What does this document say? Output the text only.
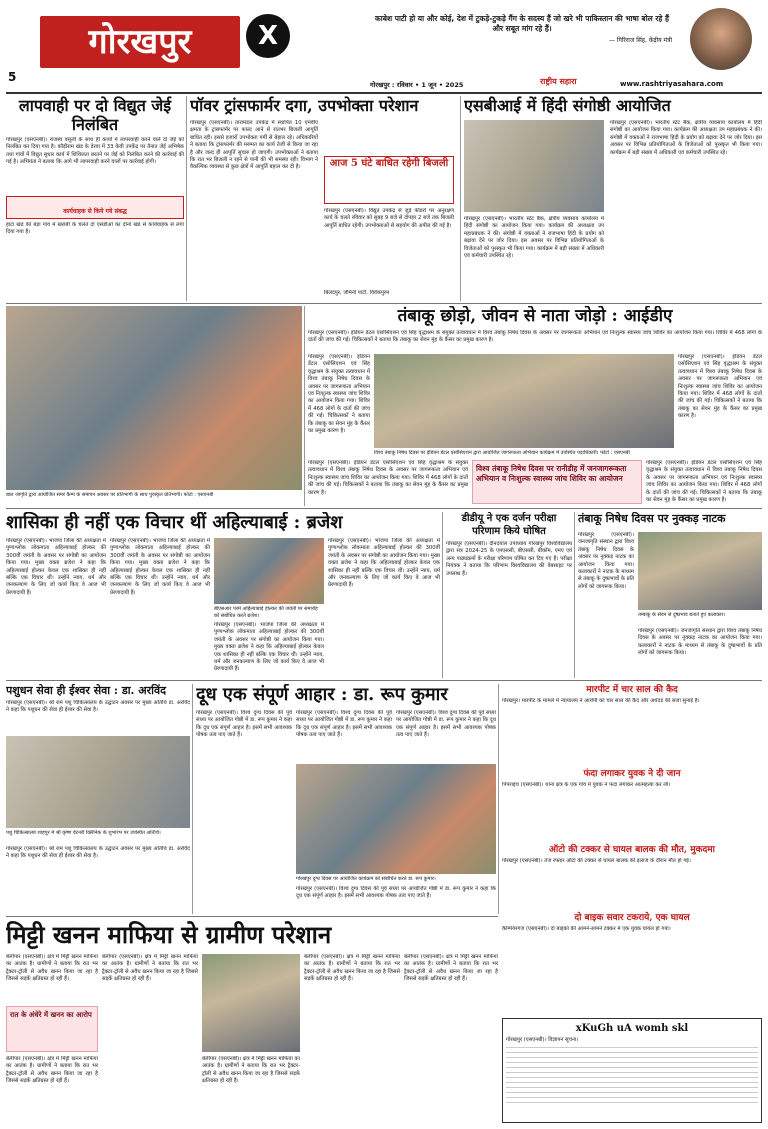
5
गोरखपुर	X
काबेश पाटी हो या और कोई, देश में टुकड़े-टुकड़े गैंग के सदस्य हैं जो खरे भी पाकिस्तान की भाषा बोल रहे हैं और सबूत मांग रहे हैं।
— गिरिराज सिंह, केंद्रीय मंत्री
गोरखपुर : रविवार • 1 जून • 2025	राष्ट्रीय सहारा	www.rashtriyasahara.com
लापवाही पर दो विद्युत जेई निलंबित
गोरखपुर (एसएनबी)। राजस्व वसूली के साथ ही कार्यों में लापरवाही करने वाले दो जेई को निलंबित कर दिया गया है। कौड़ीराम खंड के डेरवा में 33 केवी उपकेंद्र पर तैनात जेई अभिषेक तथा गांवों में विद्युत सुधार कार्य में शिथिलता बरतने पर जेई को निलंबित करने की कार्रवाई की गई है। अभियंता ने बताया कि आगे भी लापरवाही करने वालों पर कार्रवाई होगी।
कार्यवाहक से किये गये संबद्ध
हाटा खंड की बड़ा गांव में खराबी के चलते दो एसडीओ का दोनों खंड से कार्यवाहक से लगा दिया गया है।
पॉवर ट्रांसफार्मर दगा, उपभोक्ता परेशान
गोरखपुर (एसएनबी)। तारामंडल उपकेंद्र में स्थापित 10 एमवीए क्षमता के ट्रांसफार्मर पर फाल्ट आने से रातभर बिजली आपूर्ति बाधित रही। इससे हजारों उपभोक्ता गर्मी से बेहाल रहे। अधिकारियों ने बताया कि ट्रांसफार्मर की मरम्मत का कार्य तेजी से किया जा रहा है और जल्द ही आपूर्ति सुचारु हो जाएगी। उपभोक्ताओं ने बताया कि रात भर बिजली न रहने से पानी की भी समस्या रही। विभाग ने वैकल्पिक व्यवस्था से कुछ क्षेत्रों में आपूर्ति बहाल कर दी है।	आज 5 घंटे बाधित रहेगी बिजली
गोरखपुर (एसएनबी)। विद्युत उपकेंद्र से जुड़े फीडरों पर अनुरक्षण कार्य के चलते रविवार को सुबह 9 बजे से दोपहर 2 बजे तक बिजली आपूर्ति बाधित रहेगी। उपभोक्ताओं से सहयोग की अपील की गई है।
बिलंदपुर, जेमिनी पार्टी, विवेकपुरम
एसबीआई में हिंदी संगोष्ठी आयोजित
गोरखपुर (एसएनबी)। भारतीय स्टेट बैंक, क्षेत्रीय व्यवसाय कार्यालय में हिंदी संगोष्ठी का आयोजन किया गया। कार्यक्रम की अध्यक्षता उप महाप्रबंधक ने की। संगोष्ठी में वक्ताओं ने राजभाषा हिंदी के प्रयोग को बढ़ावा देने पर जोर दिया। इस अवसर पर विभिन्न प्रतियोगिताओं के विजेताओं को पुरस्कृत भी किया गया। कार्यक्रम में बड़ी संख्या में अधिकारी एवं कर्मचारी उपस्थित रहे।
गोरखपुर (एसएनबी)। भारतीय स्टेट बैंक, क्षेत्रीय व्यवसाय कार्यालय में हिंदी संगोष्ठी का आयोजन किया गया। कार्यक्रम की अध्यक्षता उप महाप्रबंधक ने की। संगोष्ठी में वक्ताओं ने राजभाषा हिंदी के प्रयोग को बढ़ावा देने पर जोर दिया। इस अवसर पर विभिन्न प्रतियोगिताओं के विजेताओं को पुरस्कृत भी किया गया। कार्यक्रम में बड़ी संख्या में अधिकारी एवं कर्मचारी उपस्थित रहे।
बाल जागृति द्वारा आयोजित समर कैम्प के समापन अवसर पर प्रतिभागी के साथ पुरस्कृत प्रतिभागी। फोटो : एसएनबी
तंबाकू छोड़ो, जीवन से नाता जोड़ो : आईडीए
गोरखपुर (एसएनबी)। इंडियन डेंटल एसोसिएशन एवं सिंह वृद्धाश्रम के संयुक्त तत्वावधान में विश्व तंबाकू निषेध दिवस के अवसर पर जागरूकता अभियान एवं निःशुल्क स्वास्थ्य जांच शिविर का आयोजन किया गया। शिविर में 468 लोगों के दांतों की जांच की गई। चिकित्सकों ने बताया कि तंबाकू का सेवन मुंह के कैंसर का प्रमुख कारण है।
गोरखपुर (एसएनबी)। इंडियन डेंटल एसोसिएशन एवं सिंह वृद्धाश्रम के संयुक्त तत्वावधान में विश्व तंबाकू निषेध दिवस के अवसर पर जागरूकता अभियान एवं निःशुल्क स्वास्थ्य जांच शिविर का आयोजन किया गया। शिविर में 468 लोगों के दांतों की जांच की गई। चिकित्सकों ने बताया कि तंबाकू का सेवन मुंह के कैंसर का प्रमुख कारण है।
विश्व तंबाकू निषेध दिवस पर इंडियन डेंटल एसोसिएशन द्वारा आयोजित जागरूकता अभियान कार्यक्रम में उपस्थित पदाधिकारी। फोटो : एसएनबी
गोरखपुर (एसएनबी)। इंडियन डेंटल एसोसिएशन एवं सिंह वृद्धाश्रम के संयुक्त तत्वावधान में विश्व तंबाकू निषेध दिवस के अवसर पर जागरूकता अभियान एवं निःशुल्क स्वास्थ्य जांच शिविर का आयोजन किया गया। शिविर में 468 लोगों के दांतों की जांच की गई। चिकित्सकों ने बताया कि तंबाकू का सेवन मुंह के कैंसर का प्रमुख कारण है।
गोरखपुर (एसएनबी)। इंडियन डेंटल एसोसिएशन एवं सिंह वृद्धाश्रम के संयुक्त तत्वावधान में विश्व तंबाकू निषेध दिवस के अवसर पर जागरूकता अभियान एवं निःशुल्क स्वास्थ्य जांच शिविर का आयोजन किया गया। शिविर में 468 लोगों के दांतों की जांच की गई। चिकित्सकों ने बताया कि तंबाकू का सेवन मुंह के कैंसर का प्रमुख कारण है।
विश्व तंबाकू निषेध दिवस पर रानीडीह में जनजागरूकता अभियान व निःशुल्क स्वास्थ्य जांच शिविर का आयोजन
गोरखपुर (एसएनबी)। इंडियन डेंटल एसोसिएशन एवं सिंह वृद्धाश्रम के संयुक्त तत्वावधान में विश्व तंबाकू निषेध दिवस के अवसर पर जागरूकता अभियान एवं निःशुल्क स्वास्थ्य जांच शिविर का आयोजन किया गया। शिविर में 468 लोगों के दांतों की जांच की गई। चिकित्सकों ने बताया कि तंबाकू का सेवन मुंह के कैंसर का प्रमुख कारण है।
शासिका ही नहीं एक विचार थीं अहिल्याबाई : ब्रजेश
गोरखपुर (एसएनबी)। भाजपा जिला की अध्यक्षता में पुण्यश्लोक लोकमाता अहिल्याबाई होल्कर की 300वीं जयंती के अवसर पर संगोष्ठी का आयोजन किया गया। मुख्य वक्ता ब्रजेश ने कहा कि अहिल्याबाई होल्कर केवल एक शासिका ही नहीं बल्कि एक विचार थीं। उन्होंने न्याय, धर्म और जनकल्याण के लिए जो कार्य किए वे आज भी प्रेरणादायी हैं।
गोरखपुर (एसएनबी)। भाजपा जिला की अध्यक्षता में पुण्यश्लोक लोकमाता अहिल्याबाई होल्कर की 300वीं जयंती के अवसर पर संगोष्ठी का आयोजन किया गया। मुख्य वक्ता ब्रजेश ने कहा कि अहिल्याबाई होल्कर केवल एक शासिका ही नहीं बल्कि एक विचार थीं। उन्होंने न्याय, धर्म और जनकल्याण के लिए जो कार्य किए वे आज भी प्रेरणादायी हैं।
बीएसआर परमें अहिल्याबाई होल्कर की जयंती पर समारोह को संबोधित करते ब्रजेश।
गोरखपुर (एसएनबी)। भाजपा जिला की अध्यक्षता में पुण्यश्लोक लोकमाता अहिल्याबाई होल्कर की 300वीं जयंती के अवसर पर संगोष्ठी का आयोजन किया गया। मुख्य वक्ता ब्रजेश ने कहा कि अहिल्याबाई होल्कर केवल एक शासिका ही नहीं बल्कि एक विचार थीं। उन्होंने न्याय, धर्म और जनकल्याण के लिए जो कार्य किए वे आज भी प्रेरणादायी हैं।
गोरखपुर (एसएनबी)। भाजपा जिला की अध्यक्षता में पुण्यश्लोक लोकमाता अहिल्याबाई होल्कर की 300वीं जयंती के अवसर पर संगोष्ठी का आयोजन किया गया। मुख्य वक्ता ब्रजेश ने कहा कि अहिल्याबाई होल्कर केवल एक शासिका ही नहीं बल्कि एक विचार थीं। उन्होंने न्याय, धर्म और जनकल्याण के लिए जो कार्य किए वे आज भी प्रेरणादायी हैं।
डीडीयू ने एक दर्जन परीक्षा परिणाम किये घोषित
गोरखपुर (एसएनबी)। दीनदयाल उपाध्याय गोरखपुर विश्वविद्यालय द्वारा सत्र 2024-25 के एमएससी, बीएससी, बीकॉम, एमए एवं अन्य पाठ्यक्रमों के परीक्षा परिणाम घोषित कर दिए गए हैं। परीक्षा नियंत्रक ने बताया कि परिणाम विश्वविद्यालय की वेबसाइट पर उपलब्ध हैं।
तंबाकू निषेध दिवस पर नुक्कड़ नाटक
गोरखपुर (एसएनबी)। जनजागृति संस्थान द्वारा विश्व तंबाकू निषेध दिवस के अवसर पर नुक्कड़ नाटक का आयोजन किया गया। कलाकारों ने नाटक के माध्यम से तंबाकू के दुष्प्रभावों के प्रति लोगों को जागरूक किया।
तम्बाकू के सेवन से दुष्प्रभाव बताते हुए कलाकार।
गोरखपुर (एसएनबी)। जनजागृति संस्थान द्वारा विश्व तंबाकू निषेध दिवस के अवसर पर नुक्कड़ नाटक का आयोजन किया गया। कलाकारों ने नाटक के माध्यम से तंबाकू के दुष्प्रभावों के प्रति लोगों को जागरूक किया।
पशुधन सेवा ही ईश्वर सेवा : डा. अरविंद
गोरखपुर (एसएनबी)। श्री राम पशु चिकित्सालय के उद्घाटन अवसर पर मुख्य अतिथि डा. अरविंद ने कहा कि पशुधन की सेवा ही ईश्वर की सेवा है।
पशु चिकित्सालय शाहपुर में श्री कृष्ण वेटनरी क्लिनिक के शुभारंभ पर उपस्थित अतिथि।
गोरखपुर (एसएनबी)। श्री राम पशु चिकित्सालय के उद्घाटन अवसर पर मुख्य अतिथि डा. अरविंद ने कहा कि पशुधन की सेवा ही ईश्वर की सेवा है।
दूध एक संपूर्ण आहार : डा. रूप कुमार
गोरखपुर (एसएनबी)। विश्व दुग्ध दिवस की पूर्व संध्या पर आयोजित गोष्ठी में डा. रूप कुमार ने कहा कि दूध एक संपूर्ण आहार है। इसमें सभी आवश्यक पोषक तत्व पाए जाते हैं।
गोरखपुर (एसएनबी)। विश्व दुग्ध दिवस की पूर्व संध्या पर आयोजित गोष्ठी में डा. रूप कुमार ने कहा कि दूध एक संपूर्ण आहार है। इसमें सभी आवश्यक पोषक तत्व पाए जाते हैं।
गोरखपुर (एसएनबी)। विश्व दुग्ध दिवस की पूर्व संध्या पर आयोजित गोष्ठी में डा. रूप कुमार ने कहा कि दूध एक संपूर्ण आहार है। इसमें सभी आवश्यक पोषक तत्व पाए जाते हैं।
गोरखपुर दुग्ध दिवस पर आयोजित कार्यक्रम को संबोधित करते डा. रूप कुमार।
गोरखपुर (एसएनबी)। विश्व दुग्ध दिवस की पूर्व संध्या पर आयोजित गोष्ठी में डा. रूप कुमार ने कहा कि दूध एक संपूर्ण आहार है। इसमें सभी आवश्यक पोषक तत्व पाए जाते हैं।
मारपीट में चार साल की कैद
गोरखपुर। मारपीट के मामले में न्यायालय ने आरोपी को चार साल की कैद और अर्थदंड की सजा सुनाई है।
फंदा लगाकर युवक ने दी जान
पिपराइच (एसएनबी)। थाना क्षेत्र के एक गांव में युवक ने फंदा लगाकर आत्महत्या कर ली।
ऑटो की टक्कर से घायल बालक की मौत, मुकदमा
गोरखपुर (एसएनबी)। तेज रफ्तार ऑटो की टक्कर से घायल बालक की इलाज के दौरान मौत हो गई।
दो बाइक सवार टकराये, एक घायल
कैम्पियरगंज (एसएनबी)। दो बाइकों की आमने-सामने टक्कर में एक युवक घायल हो गया।
मिट्टी खनन माफिया से ग्रामीण परेशान
बेलीपार (एसएनबी)। क्षेत्र में मिट्टी खनन माफिया का आतंक है। ग्रामीणों ने बताया कि रात भर ट्रैक्टर-ट्रॉली से अवैध खनन किया जा रहा है जिससे सड़कें क्षतिग्रस्त हो रही हैं।
रात के अंधेरे में खनन का आरोप
बेलीपार (एसएनबी)। क्षेत्र में मिट्टी खनन माफिया का आतंक है। ग्रामीणों ने बताया कि रात भर ट्रैक्टर-ट्रॉली से अवैध खनन किया जा रहा है जिससे सड़कें क्षतिग्रस्त हो रही हैं।
बेलीपार (एसएनबी)। क्षेत्र में मिट्टी खनन माफिया का आतंक है। ग्रामीणों ने बताया कि रात भर ट्रैक्टर-ट्रॉली से अवैध खनन किया जा रहा है जिससे सड़कें क्षतिग्रस्त हो रही हैं।
बेलीपार (एसएनबी)। क्षेत्र में मिट्टी खनन माफिया का आतंक है। ग्रामीणों ने बताया कि रात भर ट्रैक्टर-ट्रॉली से अवैध खनन किया जा रहा है जिससे सड़कें क्षतिग्रस्त हो रही हैं।
बेलीपार (एसएनबी)। क्षेत्र में मिट्टी खनन माफिया का आतंक है। ग्रामीणों ने बताया कि रात भर ट्रैक्टर-ट्रॉली से अवैध खनन किया जा रहा है जिससे सड़कें क्षतिग्रस्त हो रही हैं।
बेलीपार (एसएनबी)। क्षेत्र में मिट्टी खनन माफिया का आतंक है। ग्रामीणों ने बताया कि रात भर ट्रैक्टर-ट्रॉली से अवैध खनन किया जा रहा है जिससे सड़कें क्षतिग्रस्त हो रही हैं।
xKuGh uA womh skl
गोरखपुर (एसएनबी)। विज्ञापन सूचना।
